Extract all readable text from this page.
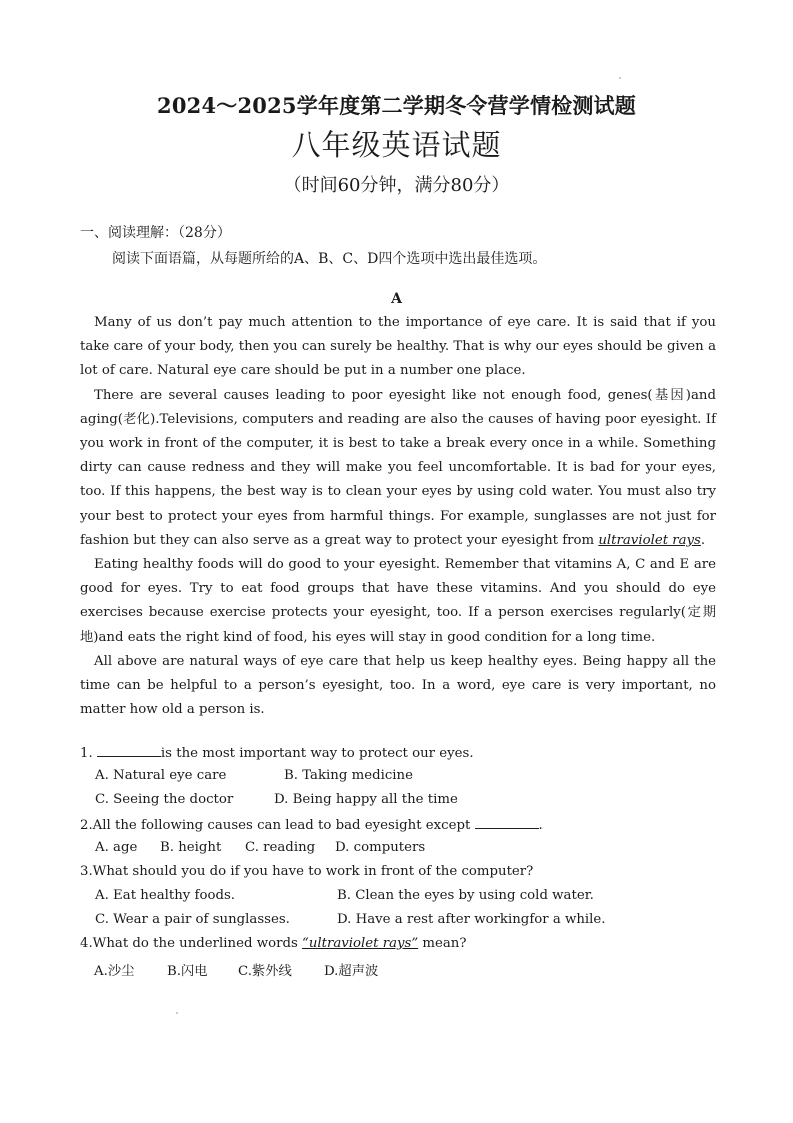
2024～2025学年度第二学期冬令营学情检测试题
八年级英语试题
（时间60分钟，满分80分）
一、阅读理解：（28分）
阅读下面语篇，从每题所给的A、B、C、D四个选项中选出最佳选项。
A

Many of us don’t pay much attention to the importance of eye care. It is said that if you take care of your body, then you can surely be healthy. That is why our eyes should be given a lot of care. Natural eye care should be put in a number one place.

There are several causes leading to poor eyesight like not enough food, genes(基因)and aging(老化).Televisions, computers and reading are also the causes of having poor eyesight. If you work in front of the computer, it is best to take a break every once in a while. Something dirty can cause redness and they will make you feel uncomfortable. It is bad for your eyes, too. If this happens, the best way is to clean your eyes by using cold water. You must also try your best to protect your eyes from harmful things. For example, sunglasses are not just for fashion but they can also serve as a great way to protect your eyesight from ultraviolet rays.

Eating healthy foods will do good to your eyesight. Remember that vitamins A, C and E are good for eyes. Try to eat food groups that have these vitamins. And you should do eye exercises because exercise protects your eyesight, too. If a person exercises regularly(定期地)and eats the right kind of food, his eyes will stay in good condition for a long time.

All above are natural ways of eye care that help us keep healthy eyes. Being happy all the time can be helpful to a person’s eyesight, too. In a word, eye care is very important, no matter how old a person is.

1.	is the most important way to protect our eyes.
A. Natural eye care	B. Taking medicine
C. Seeing the doctor	D. Being happy all the time
2.All the following causes can lead to bad eyesight except	.
A. age B. height C. reading D. computers
3.What should you do if you have to work in front of the computer?
A. Eat healthy foods.	B. Clean the eyes by using cold water.
C. Wear a pair of sunglasses.	D. Have a rest after workingfor a while.
4.What do the underlined words “ultraviolet rays” mean?
A.沙尘 B.闪电 C.紫外线 D.超声波
